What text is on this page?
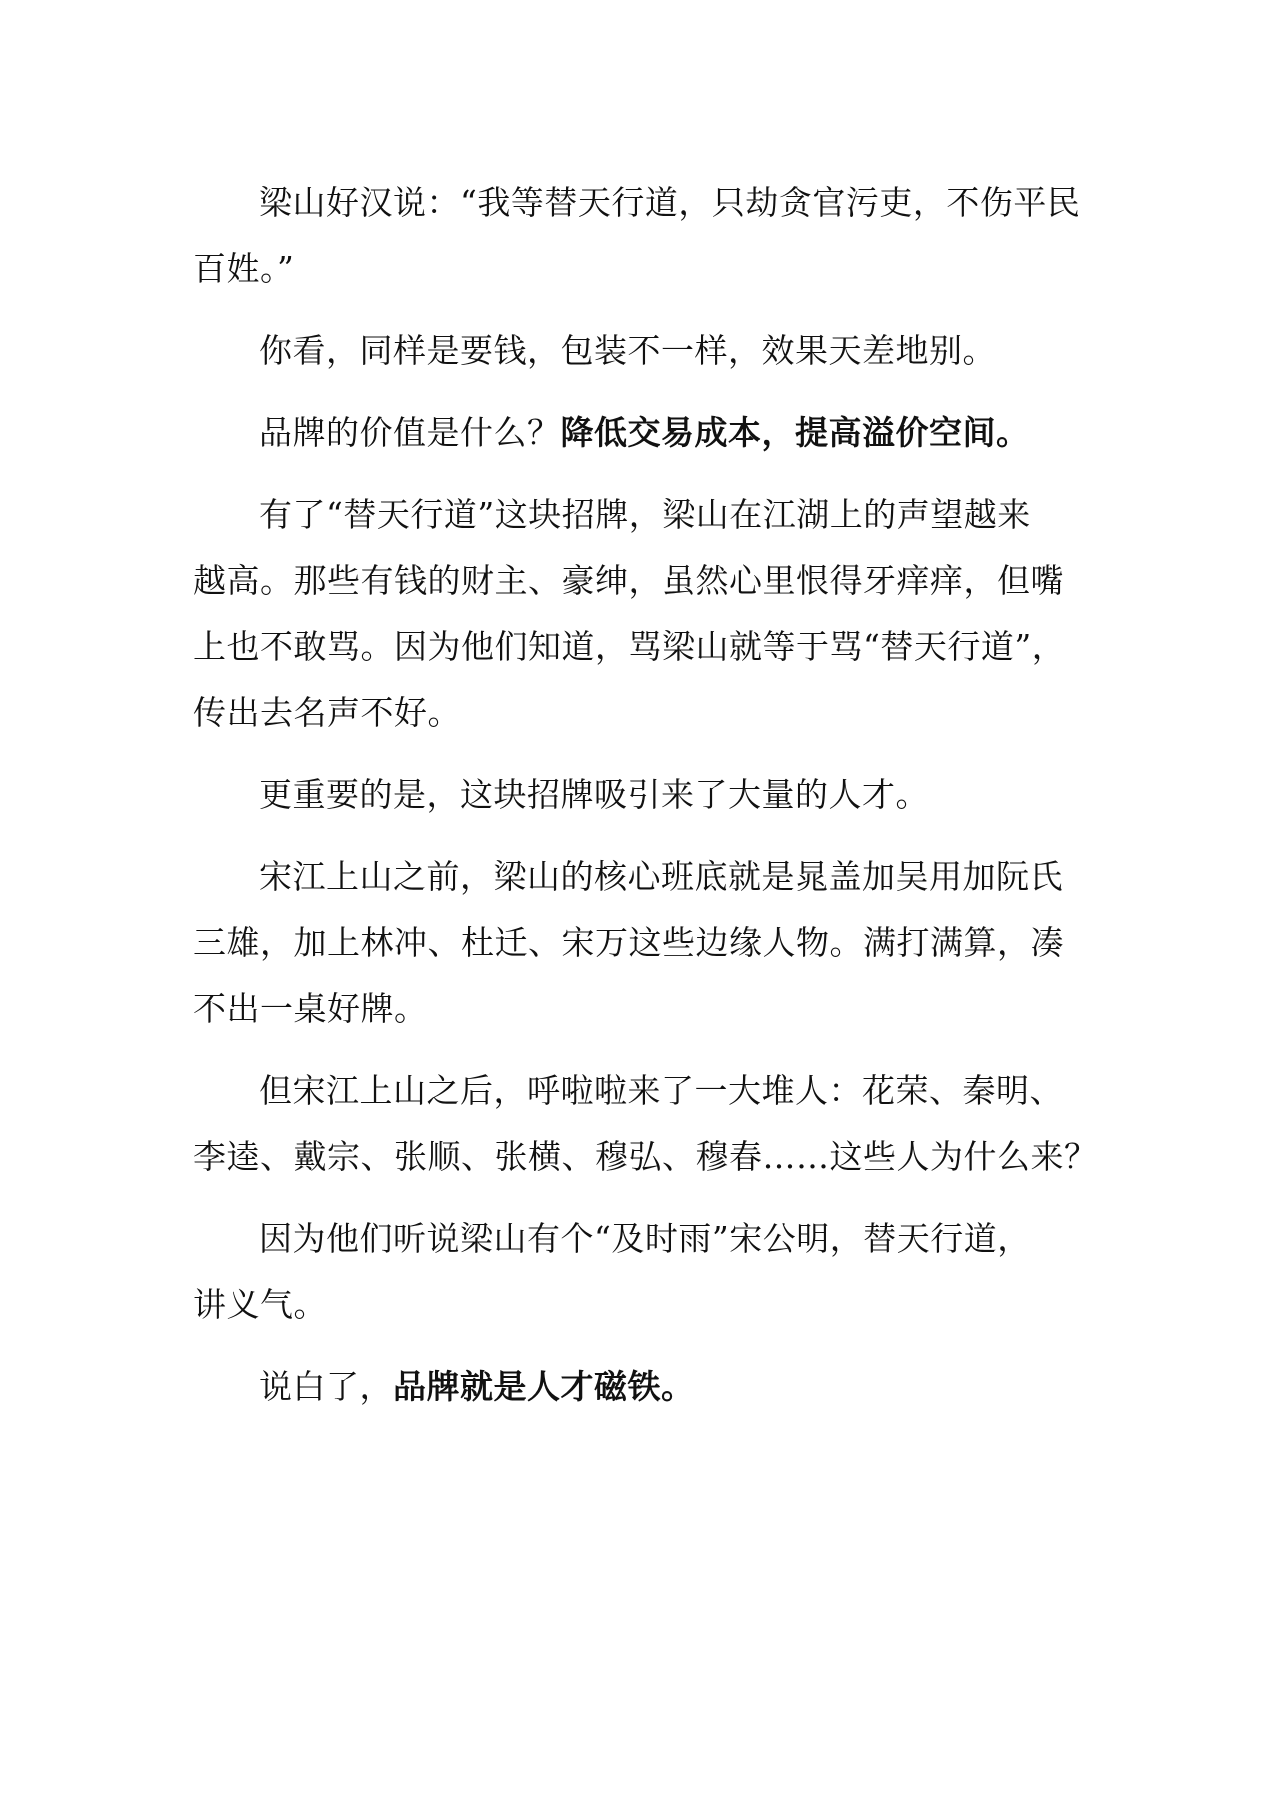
梁山好汉说：“我等替天行道，只劫贪官污吏，不伤平民
百姓。”
你看，同样是要钱，包装不一样，效果天差地别。
品牌的价值是什么？降低交易成本，提高溢价空间。
有了“替天行道”这块招牌，梁山在江湖上的声望越来
越高。那些有钱的财主、豪绅，虽然心里恨得牙痒痒，但嘴
上也不敢骂。因为他们知道，骂梁山就等于骂“替天行道”，
传出去名声不好。
更重要的是，这块招牌吸引来了大量的人才。
宋江上山之前，梁山的核心班底就是晁盖加吴用加阮氏
三雄，加上林冲、杜迁、宋万这些边缘人物。满打满算，凑
不出一桌好牌。
但宋江上山之后，呼啦啦来了一大堆人：花荣、秦明、
李逵、戴宗、张顺、张横、穆弘、穆春……这些人为什么来？
因为他们听说梁山有个“及时雨”宋公明，替天行道，
讲义气。
说白了，品牌就是人才磁铁。
